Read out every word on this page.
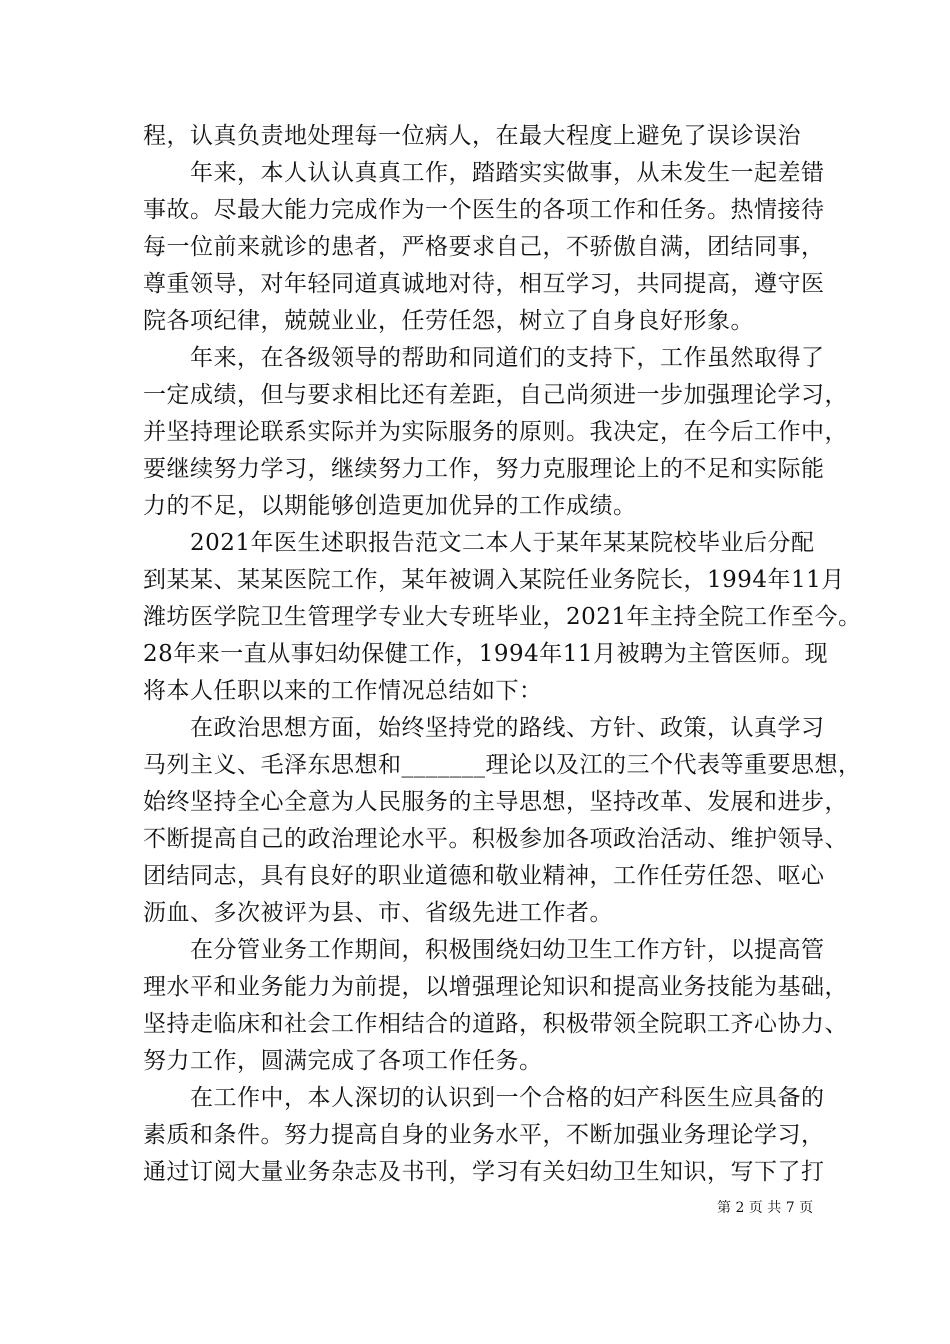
程，认真负责地处理每一位病人，在最大程度上避免了误诊误治
　　年来，本人认认真真工作，踏踏实实做事，从未发生一起差错
事故。尽最大能力完成作为一个医生的各项工作和任务。热情接待
每一位前来就诊的患者，严格要求自己，不骄傲自满，团结同事，
尊重领导，对年轻同道真诚地对待，相互学习，共同提高，遵守医
院各项纪律，兢兢业业，任劳任怨，树立了自身良好形象。
　　年来，在各级领导的帮助和同道们的支持下，工作虽然取得了
一定成绩，但与要求相比还有差距，自己尚须进一步加强理论学习，
并坚持理论联系实际并为实际服务的原则。我决定，在今后工作中，
要继续努力学习，继续努力工作，努力克服理论上的不足和实际能
力的不足，以期能够创造更加优异的工作成绩。
　　2021年医生述职报告范文二本人于某年某某院校毕业后分配
到某某、某某医院工作，某年被调入某院任业务院长，1994年11月
潍坊医学院卫生管理学专业大专班毕业，2021年主持全院工作至今。
28年来一直从事妇幼保健工作，1994年11月被聘为主管医师。现
将本人任职以来的工作情况总结如下：
　　在政治思想方面，始终坚持党的路线、方针、政策，认真学习
马列主义、毛泽东思想和_______理论以及江的三个代表等重要思想，
始终坚持全心全意为人民服务的主导思想，坚持改革、发展和进步，
不断提高自己的政治理论水平。积极参加各项政治活动、维护领导、
团结同志，具有良好的职业道德和敬业精神，工作任劳任怨、呕心
沥血、多次被评为县、市、省级先进工作者。
　　在分管业务工作期间，积极围绕妇幼卫生工作方针，以提高管
理水平和业务能力为前提，以增强理论知识和提高业务技能为基础，
坚持走临床和社会工作相结合的道路，积极带领全院职工齐心协力、
努力工作，圆满完成了各项工作任务。
　　在工作中，本人深切的认识到一个合格的妇产科医生应具备的
素质和条件。努力提高自身的业务水平，不断加强业务理论学习，
通过订阅大量业务杂志及书刊，学习有关妇幼卫生知识，写下了打
第 2 页 共 7 页
